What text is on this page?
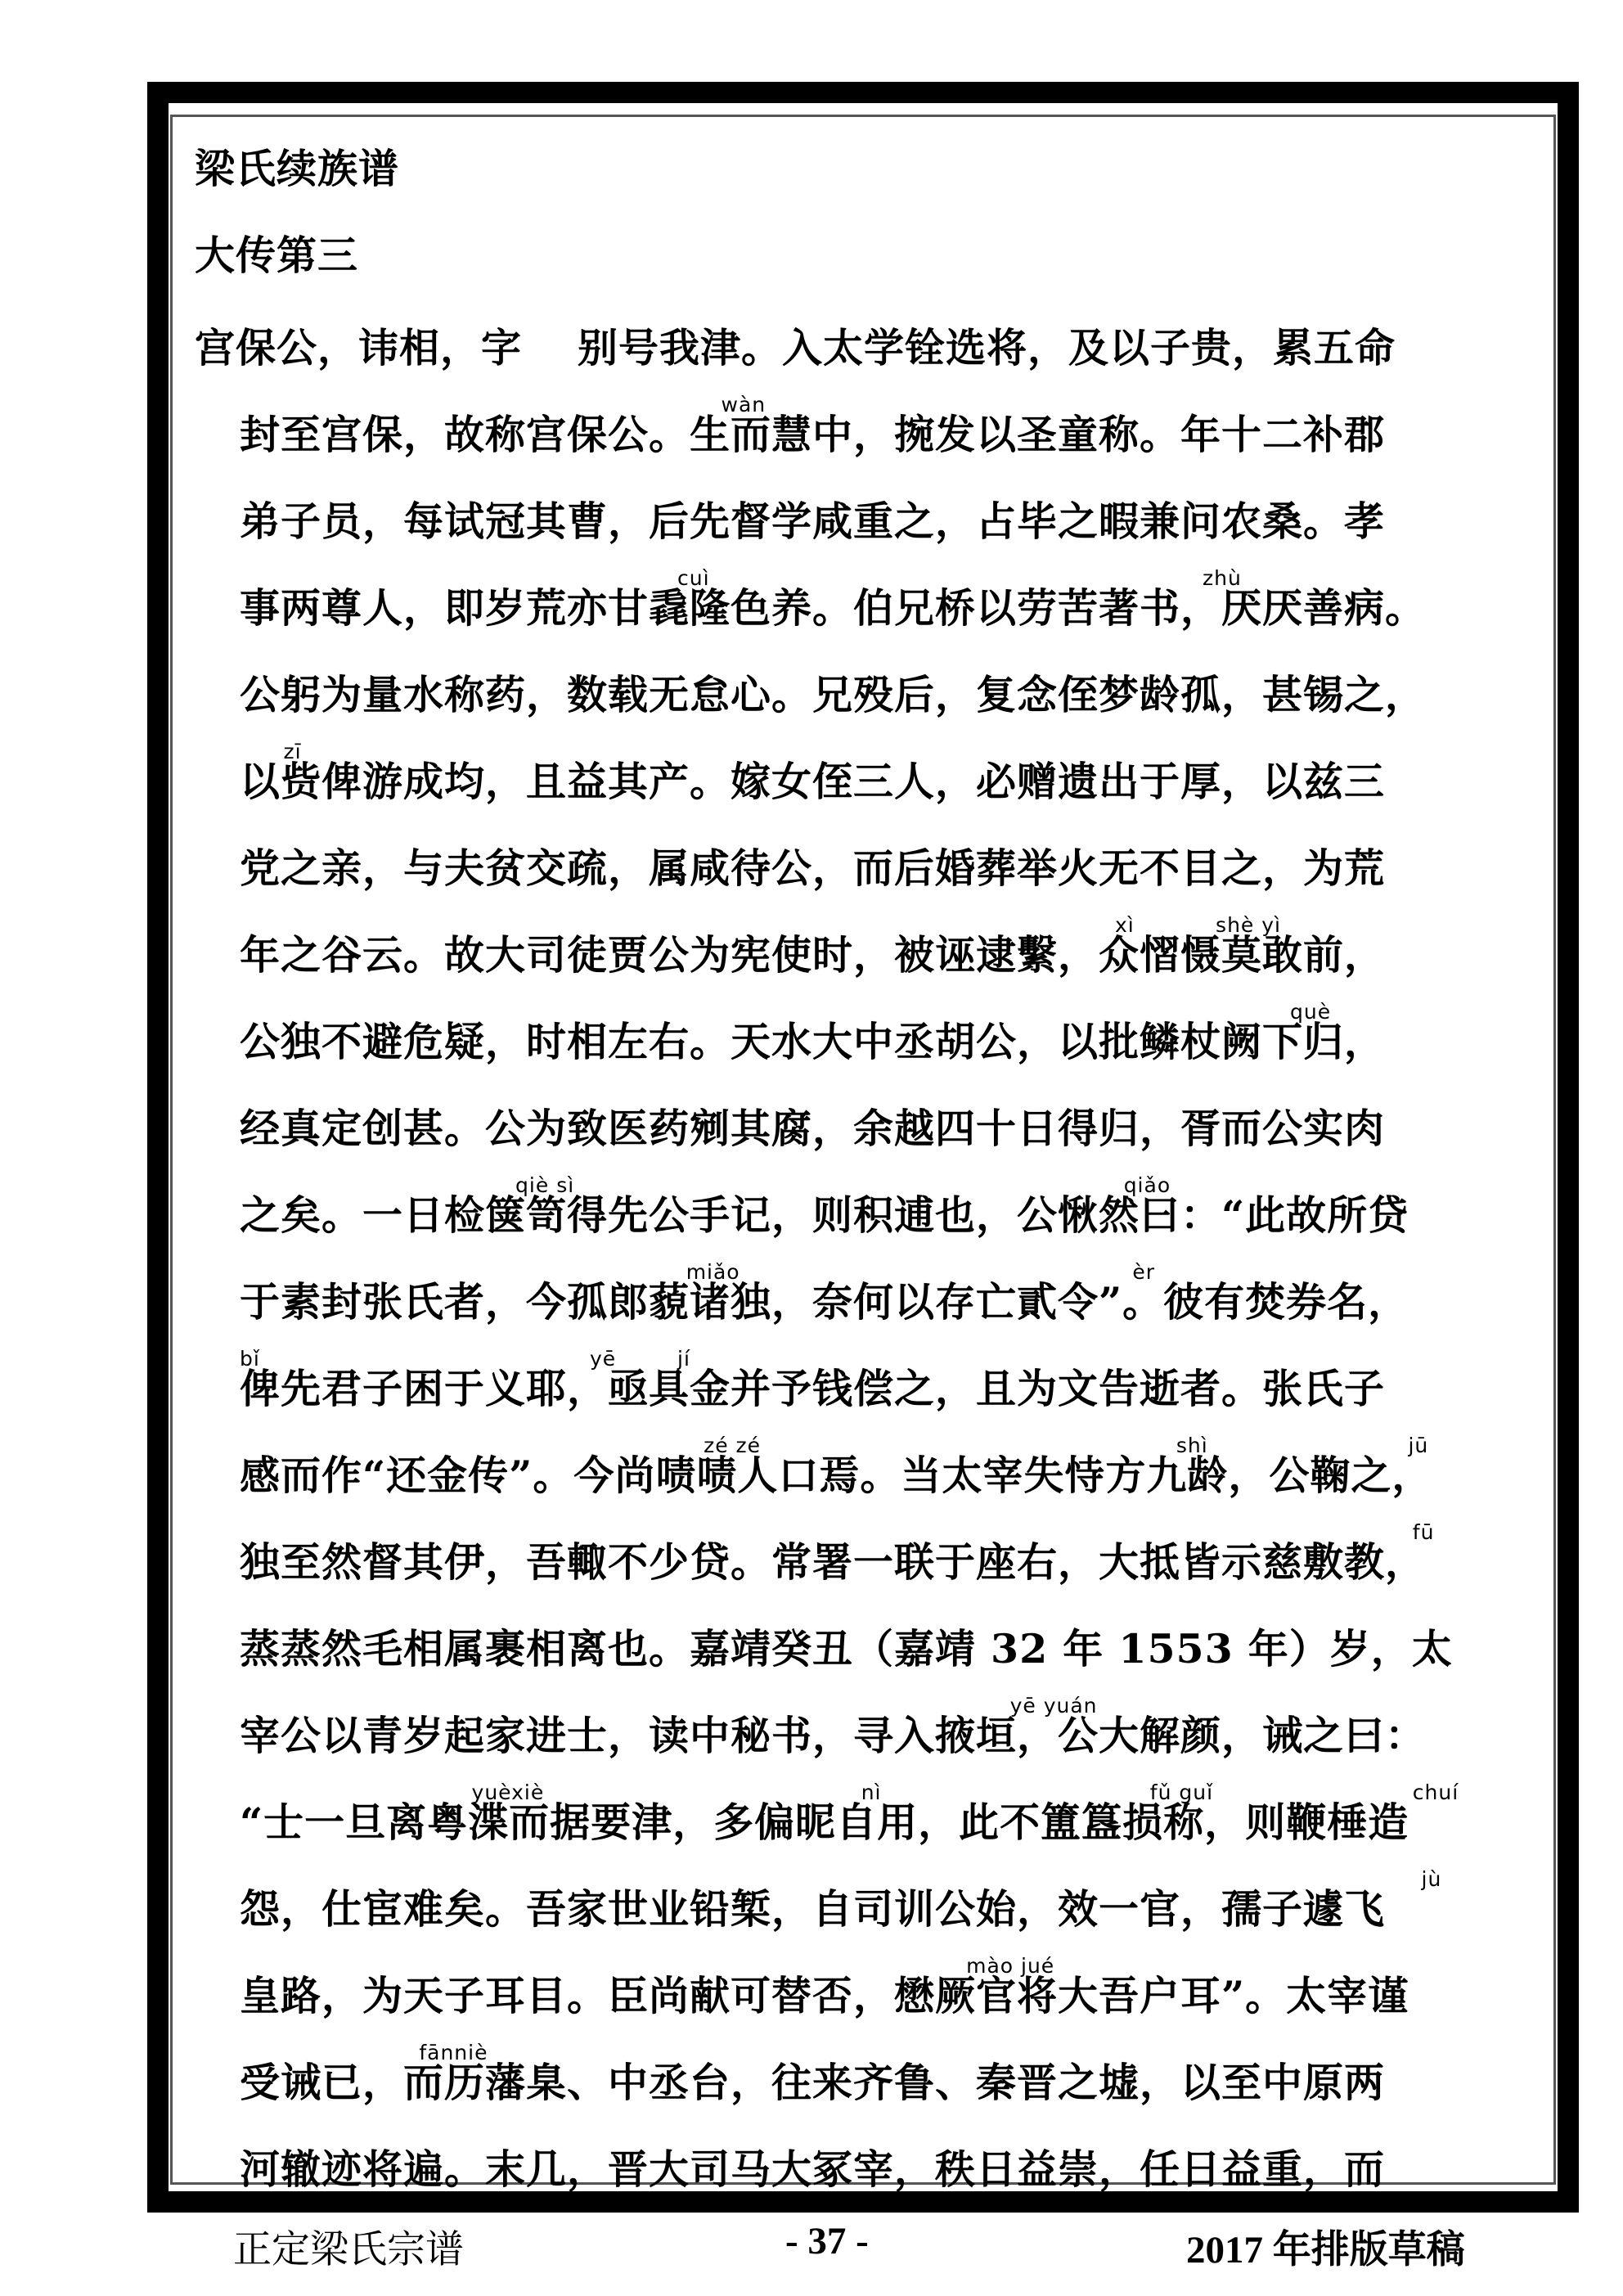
梁氏续族谱
大传第三
宫保公，讳相，字　 别号我津。入太学铨选将，及以子贵，累五命
封至宫保，故称宫保公。生而慧中，捥发以圣童称。年十二补郡
wàn
弟子员，每试冠其曹，后先督学咸重之，占毕之暇兼问农桑。孝
事两尊人，即岁荒亦甘毳隆色养。伯兄桥以劳苦著书，厌厌善病。
cuì	zhù
公躬为量水称药，数载无怠心。兄殁后，复念侄梦龄孤，甚锡之，
以赀俾游成均，且益其产。嫁女侄三人，必赠遗出于厚，以兹三
zī
党之亲，与夫贫交疏，属咸待公，而后婚葬举火无不目之，为荒
年之谷云。故大司徒贾公为宪使时，被诬逮繫，众慴慑莫敢前，
xì	shè yì
公独不避危疑，时相左右。天水大中丞胡公，以批鳞杖阙下归，
què
经真定创甚。公为致医药剜其腐，余越四十日得归，胥而公实肉
之矣。一日检箧笥得先公手记，则积逋也，公愀然曰：“此故所贷
qiè sì	qiǎo
于素封张氏者，今孤郎藐诸独，奈何以存亡貳令”。彼有焚券名，
miǎo	èr
俾先君子困于义耶，亟具金并予钱偿之，且为文告逝者。张氏子
bǐ	yē	jí
感而作“还金传”。今尚啧啧人口焉。当太宰失恃方九龄，公鞠之，
zé zé	shì	jū
独至然督其伊，吾輙不少贷。常署一联于座右，大抵皆示慈敷教，
fū
蒸蒸然毛相属裹相离也。嘉靖癸丑（嘉靖 32 年 1553 年）岁，太
宰公以青岁起家进士，读中秘书，寻入掖垣，公大解颜，诫之曰：
yē yuán
“士一旦离粤渫而据要津，多偏昵自用，此不簠簋损称，则鞭棰造
yuèxiè	nì	fǔ guǐ	chuí
怨，仕宦难矣。吾家世业铅椠，自司训公始，效一官，孺子遽飞
jù
皇路，为天子耳目。臣尚献可替否，懋厥官将大吾户耳”。太宰谨
mào jué
受诫已，而历藩臬、中丞台，往来齐鲁、秦晋之墟，以至中原两
fānniè
河辙迹将遍。末几，晋大司马大冢宰，秩日益崇，任日益重，而
正定梁氏宗谱	- 37 -	2017 年排版草稿
